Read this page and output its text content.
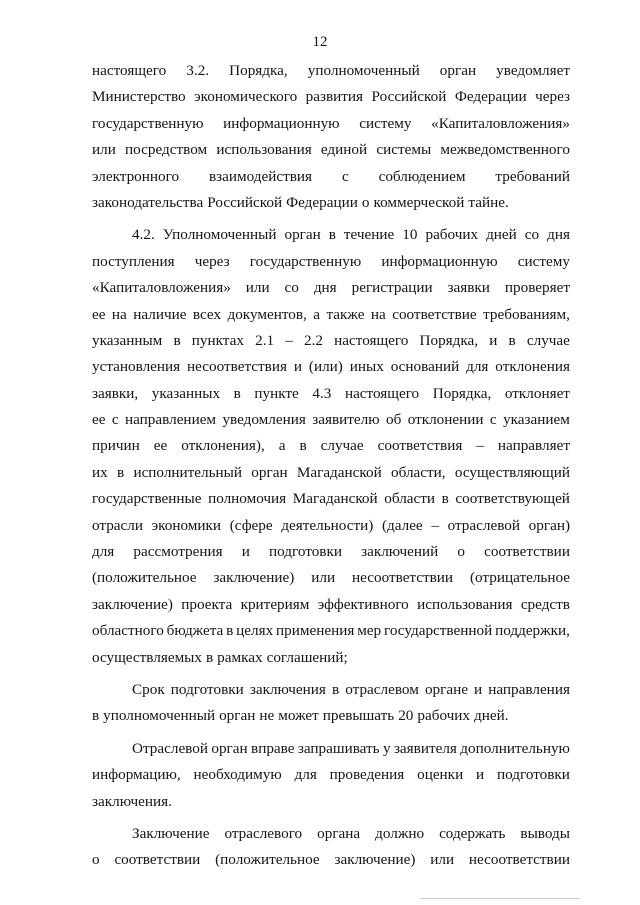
12
настоящего 3.2. Порядка, уполномоченный орган уведомляет
Министерство экономического развития Российской Федерации через
государственную информационную систему «Капиталовложения»
или посредством использования единой системы межведомственного
электронного взаимодействия с соблюдением требований
законодательства Российской Федерации о коммерческой тайне.
4.2. Уполномоченный орган в течение 10 рабочих дней со дня
поступления через государственную информационную систему
«Капиталовложения» или со дня регистрации заявки проверяет
ее на наличие всех документов, а также на соответствие требованиям,
указанным в пунктах 2.1 – 2.2 настоящего Порядка, и в случае
установления несоответствия и (или) иных оснований для отклонения
заявки, указанных в пункте 4.3 настоящего Порядка, отклоняет
ее с направлением уведомления заявителю об отклонении с указанием
причин ее отклонения), а в случае соответствия – направляет
их в исполнительный орган Магаданской области, осуществляющий
государственные полномочия Магаданской области в соответствующей
отрасли экономики (сфере деятельности) (далее – отраслевой орган)
для рассмотрения и подготовки заключений о соответствии
(положительное заключение) или несоответствии (отрицательное
заключение) проекта критериям эффективного использования средств
областного бюджета в целях применения мер государственной поддержки,
осуществляемых в рамках соглашений;
Срок подготовки заключения в отраслевом органе и направления
в уполномоченный орган не может превышать 20 рабочих дней.
Отраслевой орган вправе запрашивать у заявителя дополнительную
информацию, необходимую для проведения оценки и подготовки
заключения.
Заключение отраслевого органа должно содержать выводы
о соответствии (положительное заключение) или несоответствии
